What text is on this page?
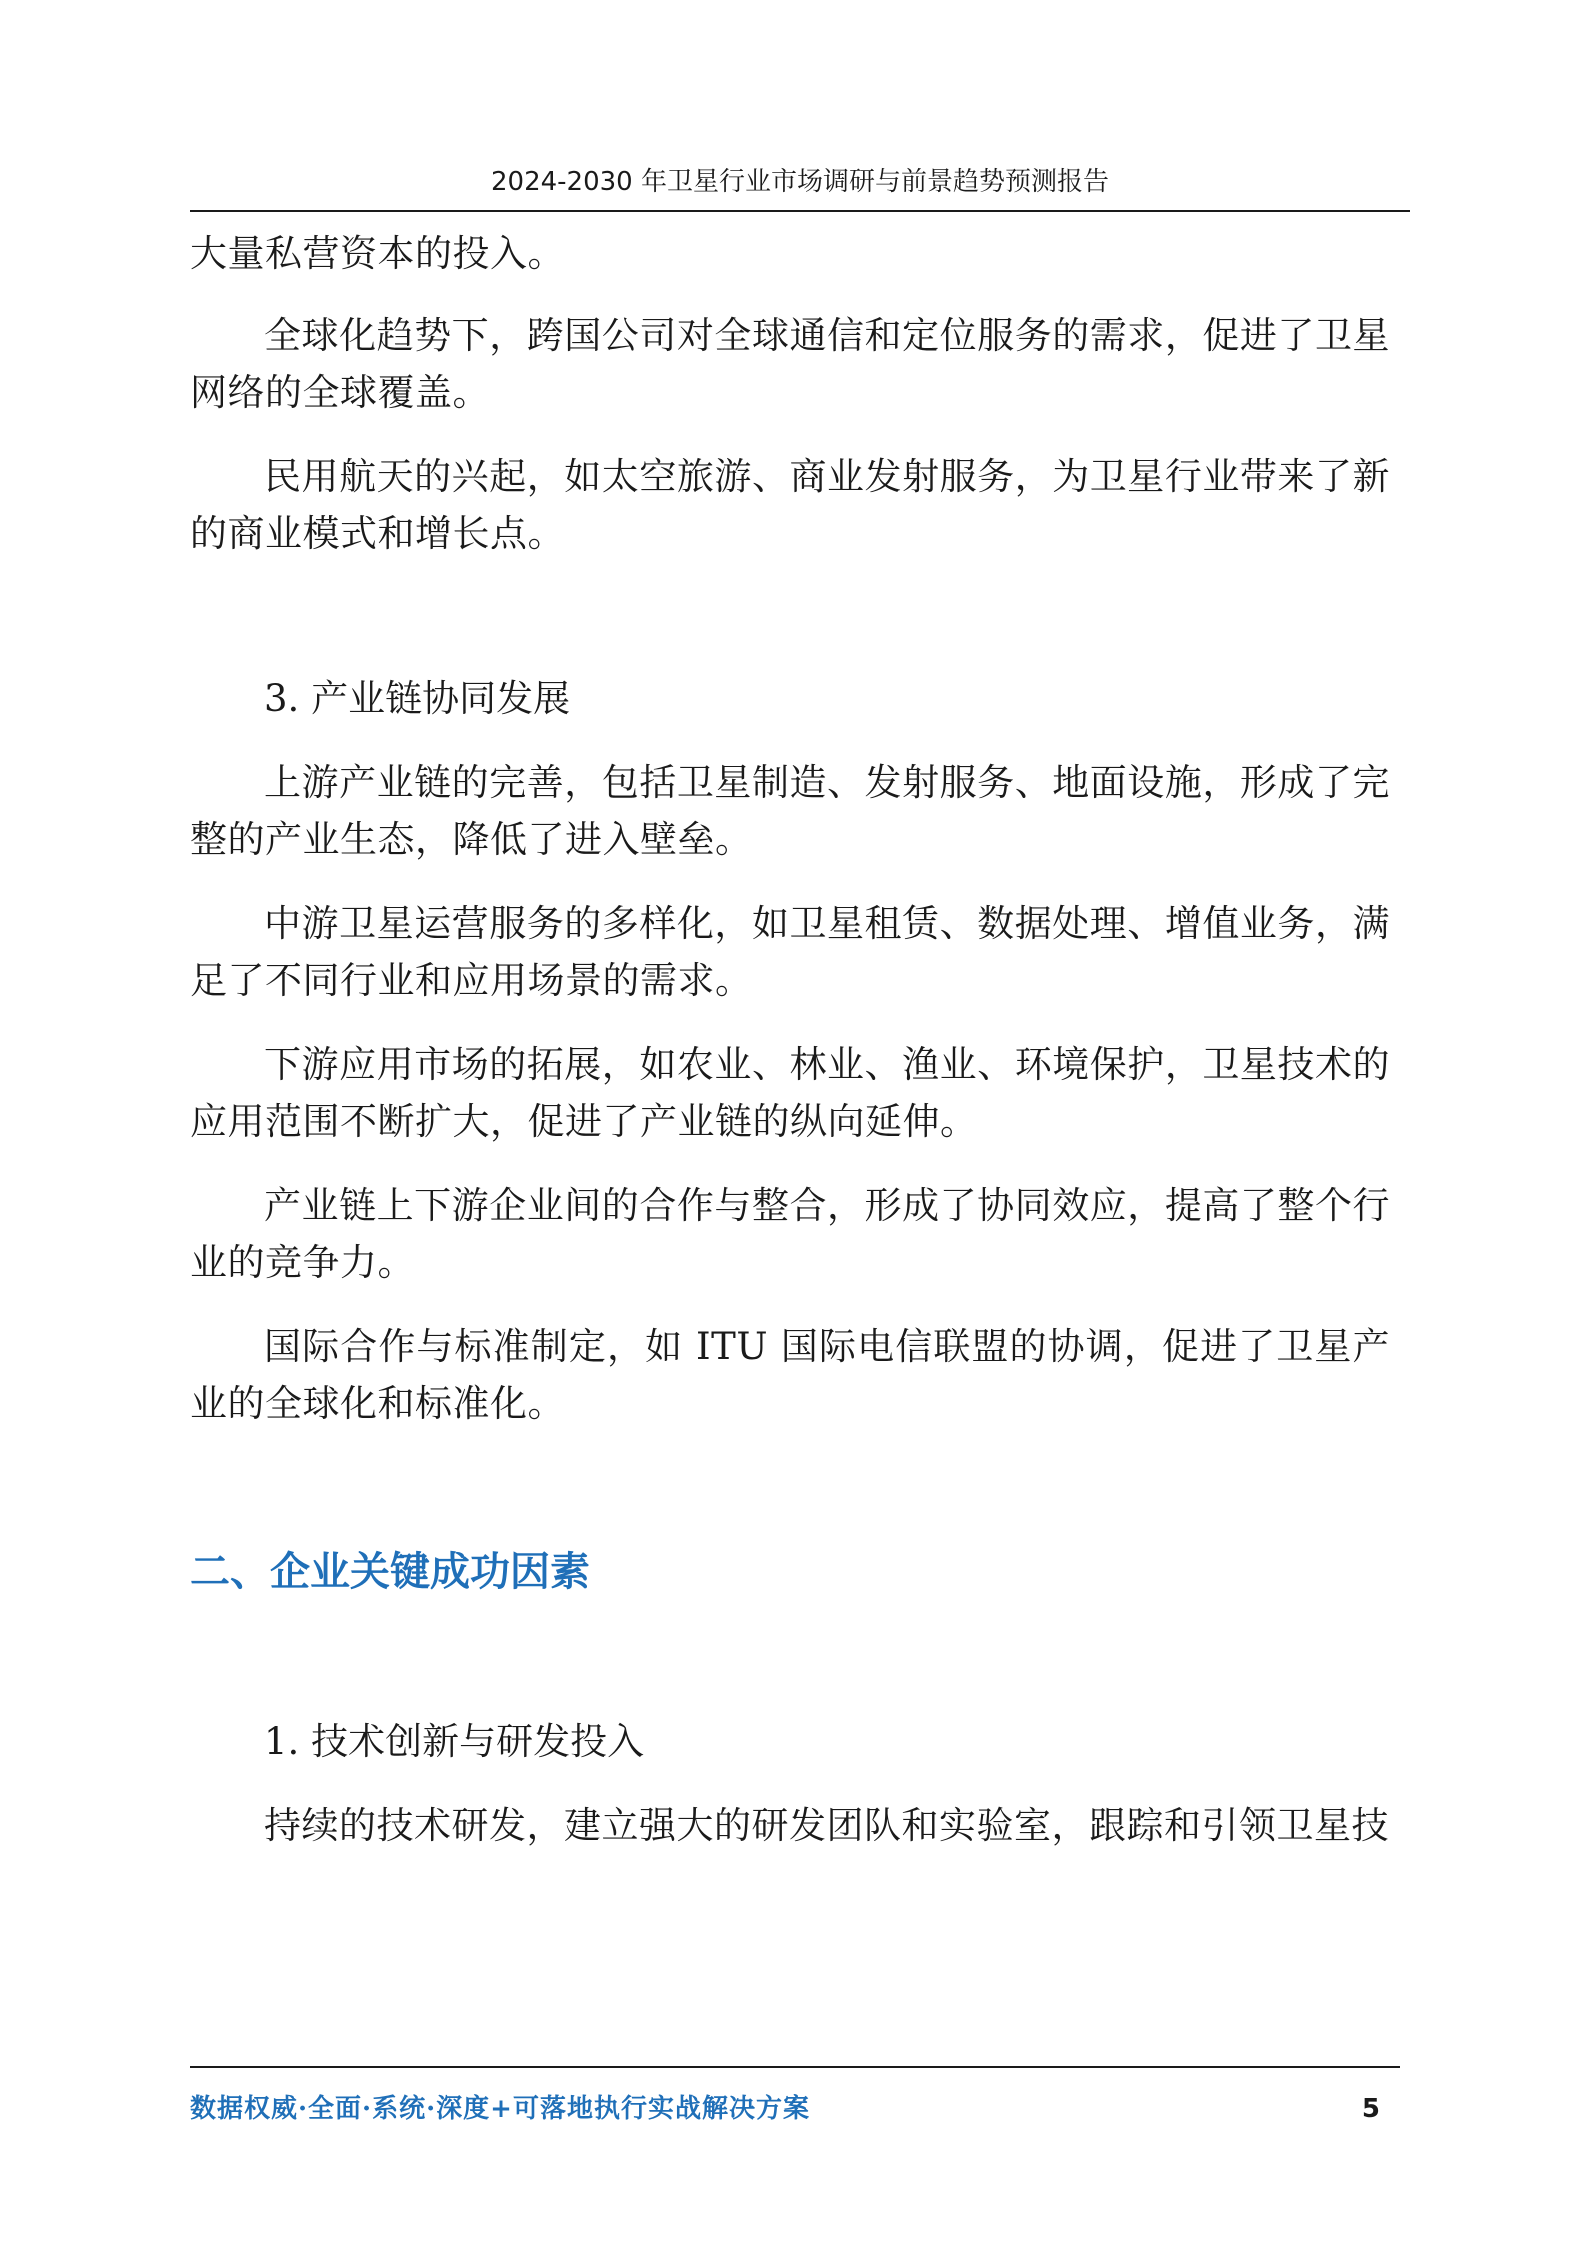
2024-2030 年卫星行业市场调研与前景趋势预测报告

大量私营资本的投入。

全球化趋势下，跨国公司对全球通信和定位服务的需求，促进了卫星网络的全球覆盖。

民用航天的兴起，如太空旅游、商业发射服务，为卫星行业带来了新的商业模式和增长点。

3. 产业链协同发展

上游产业链的完善，包括卫星制造、发射服务、地面设施，形成了完整的产业生态，降低了进入壁垒。

中游卫星运营服务的多样化，如卫星租赁、数据处理、增值业务，满足了不同行业和应用场景的需求。

下游应用市场的拓展，如农业、林业、渔业、环境保护，卫星技术的应用范围不断扩大，促进了产业链的纵向延伸。

产业链上下游企业间的合作与整合，形成了协同效应，提高了整个行业的竞争力。

国际合作与标准制定，如 ITU 国际电信联盟的协调，促进了卫星产业的全球化和标准化。

二、企业关键成功因素

1. 技术创新与研发投入

持续的技术研发，建立强大的研发团队和实验室，跟踪和引领卫星技

数据权威·全面·系统·深度+可落地执行实战解决方案	5
